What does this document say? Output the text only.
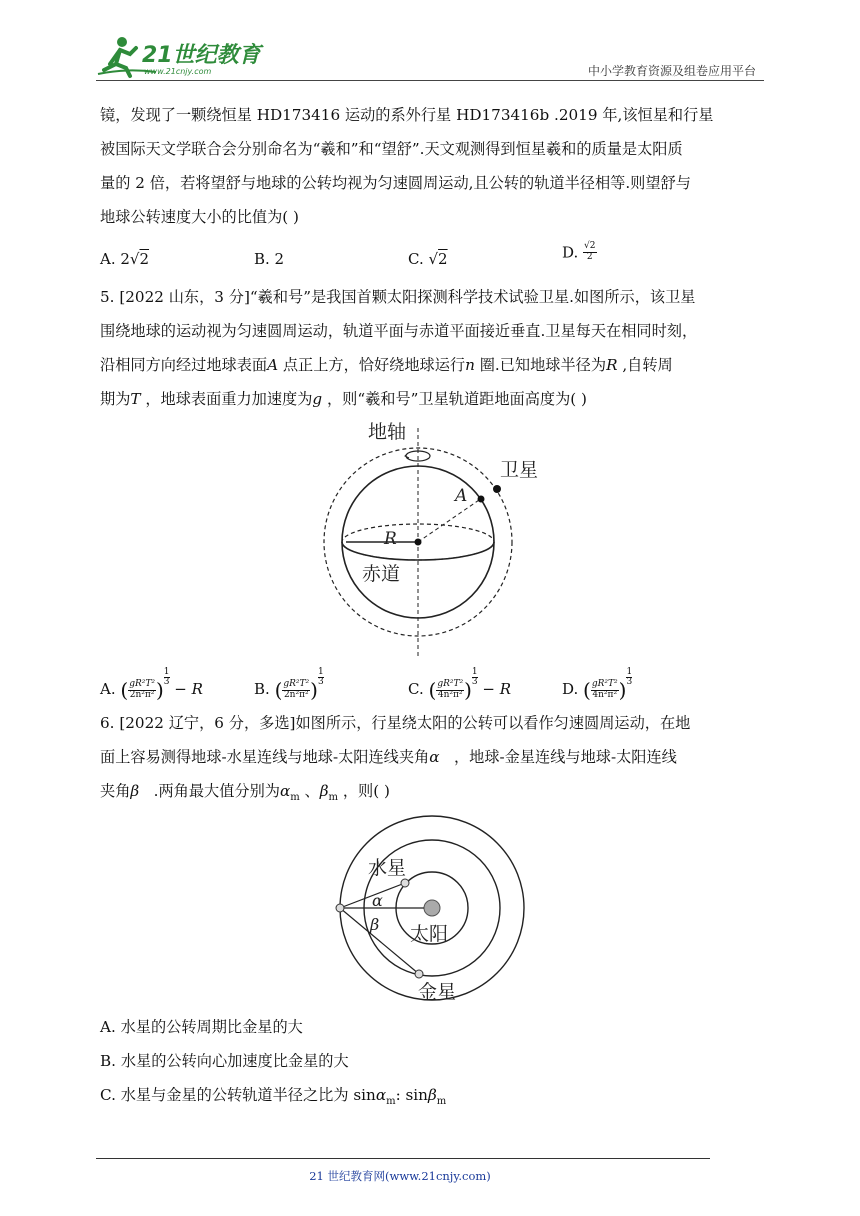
21世纪教育
www.21cnjy.com	中小学教育资源及组卷应用平台
镜，发现了一颗绕恒星 HD173416 运动的系外行星 HD173416b .2019 年,该恒星和行星
被国际天文学联合会分别命名为“羲和”和“望舒”.天文观测得到恒星羲和的质量是太阳质
量的 2 倍，若将望舒与地球的公转均视为匀速圆周运动,且公转的轨道半径相等.则望舒与
地球公转速度大小的比值为( )
A. 2√2	B. 2	C. √2	D. $\frac{√2}{2}$
5. [2022 山东，3 分]“羲和号”是我国首颗太阳探测科学技术试验卫星.如图所示，该卫星
围绕地球的运动视为匀速圆周运动，轨道平面与赤道平面接近垂直.卫星每天在相同时刻，
沿相同方向经过地球表面A 点正上方，恰好绕地球运行n 圈.已知地球半径为R ,自转周
期为T ，地球表面重力加速度为g ，则“羲和号”卫星轨道距地面高度为( )
地轴
卫星
A
R
赤道
A. ( $\frac{\text{gR²T²}}{\text{2n²π²}}$ )
$\frac{1}{3} - R$	B. ( $\frac{\text{gR²T²}}{\text{2n²π²}}$ )
$\frac{1}{3}$
C. ( $\frac{\text{gR²T²}}{\text{4n²π²}}$ )
$\frac{1}{3} - R$	D. ( $\frac{\text{gR²T²}}{\text{4n²π²}}$ )
$\frac{1}{3}$
6. [2022 辽宁，6 分，多选]如图所示，行星绕太阳的公转可以看作匀速圆周运动，在地
面上容易测得地球-水星连线与地球-太阳连线夹角α   ，地球-金星连线与地球-太阳连线
夹角β   .两角最大值分别为$\alpha_m$ 、$\beta_m$ ，则( )
水星
太阳
金星
α
β
A. 水星的公转周期比金星的大
B. 水星的公转向心加速度比金星的大
C. 水星与金星的公转轨道半径之比为 sinα$_m$: sinβ$_m$
21 世纪教育网(www.21cnjy.com)
